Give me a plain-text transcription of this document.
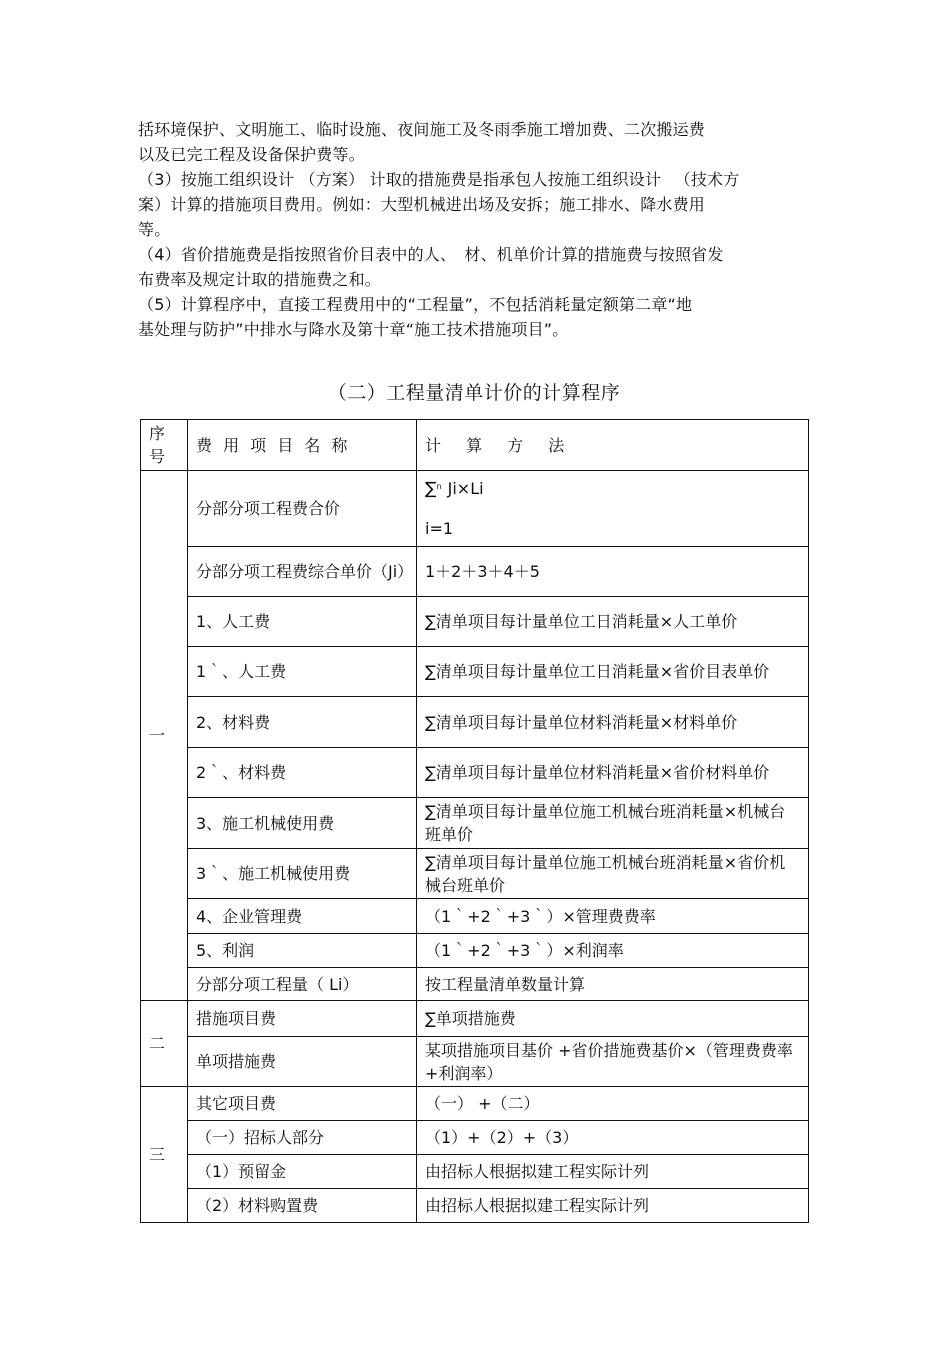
括环境保护、文明施工、临时设施、夜间施工及冬雨季施工增加费、二次搬运费

以及已完工程及设备保护费等。

（3）按施工组织设计 （方案） 计取的措施费是指承包人按施工组织设计 　（技术方

案）计算的措施项目费用。例如：大型机械进出场及安拆；施工排水、降水费用

等。

（4）省价措施费是指按照省价目表中的人、　材、机单价计算的措施费与按照省发

布费率及规定计取的措施费之和。

（5）计算程序中，直接工程费用中的“工程量”，不包括消耗量定额第二章“地

基处理与防护”中排水与降水及第十章“施工技术措施项目”。

（二）工程量清单计价的计算程序
序号	费 用 项 目 名 称	计 算 方 法
一	分部分项工程费合价	∑$^n$ Ji×Li
i=1

	分部分项工程费综合单价（Ji）	1＋2＋3＋4＋5
	1、人工费	∑清单项目每计量单位工日消耗量×人工单价
	1｀、人工费	∑清单项目每计量单位工日消耗量×省价目表单价
	2、材料费	∑清单项目每计量单位材料消耗量×材料单价
	2｀、材料费	∑清单项目每计量单位材料消耗量×省价材料单价
	3、施工机械使用费	∑清单项目每计量单位施工机械台班消耗量×机械台班单价
	3｀、施工机械使用费	∑清单项目每计量单位施工机械台班消耗量×省价机械台班单价
	4、企业管理费	（1｀+2｀+3｀）×管理费费率
	5、利润	（1｀+2｀+3｀）×利润率
	分部分项工程量（ Li）	按工程量清单数量计算
二	措施项目费	∑单项措施费
	单项措施费	某项措施项目基价 +省价措施费基价×（管理费费率 +利润率）
三	其它项目费	（一） +（二）
	（一）招标人部分	（1）+（2）+（3）
	（1）预留金	由招标人根据拟建工程实际计列
	（2）材料购置费	由招标人根据拟建工程实际计列
